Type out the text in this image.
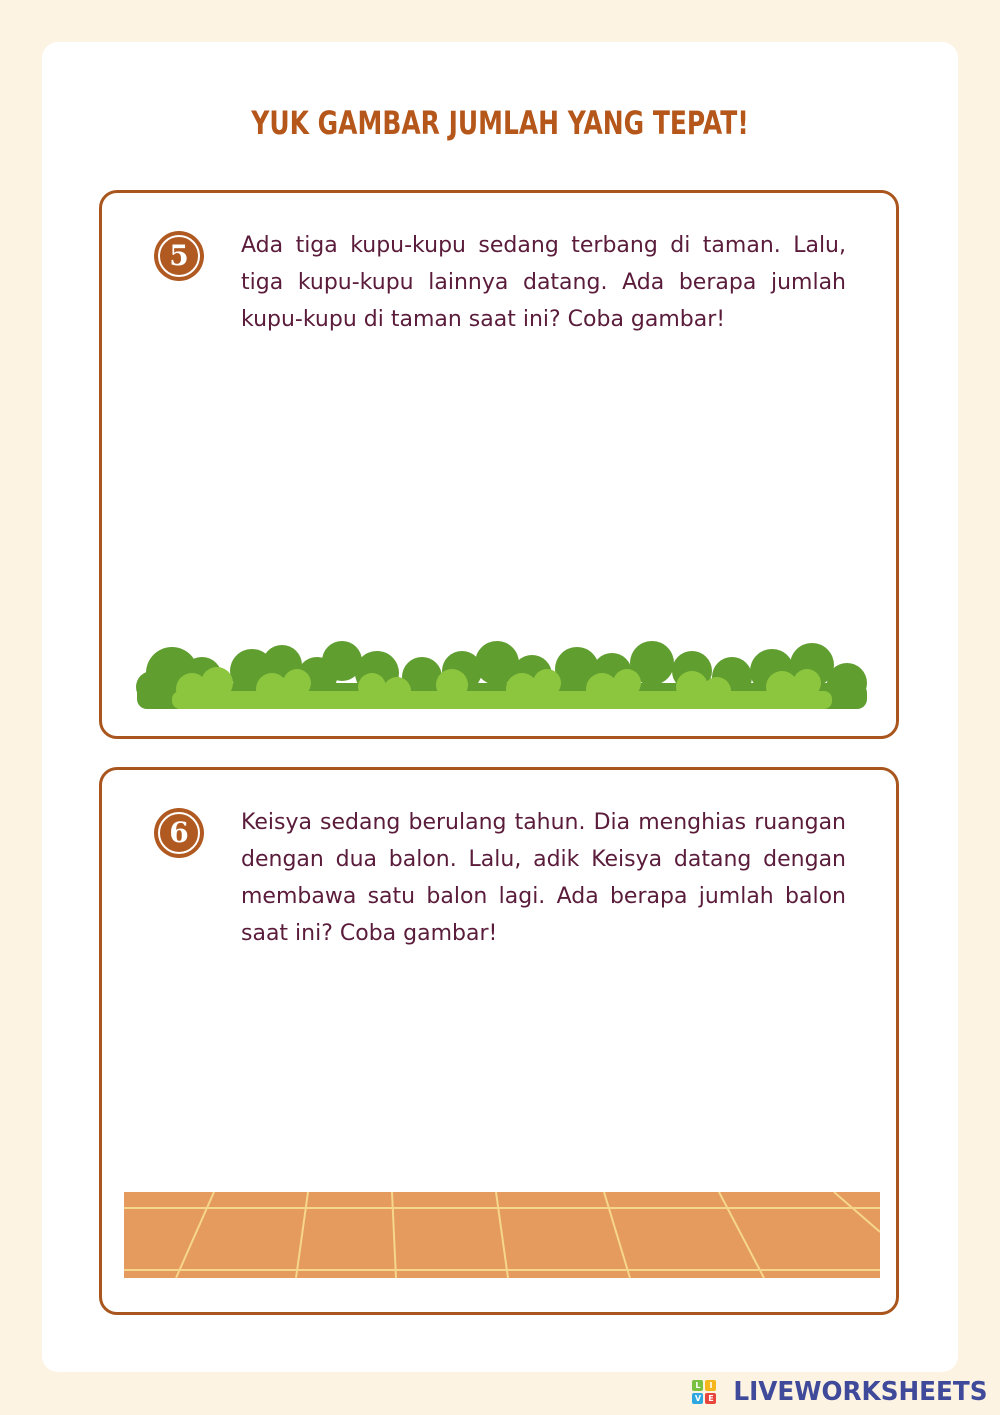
YUK GAMBAR JUMLAH YANG TEPAT!
5	Ada tiga kupu-kupu sedang terbang di taman. Lalu, tiga kupu-kupu lainnya datang. Ada berapa jumlah kupu-kupu di taman saat ini? Coba gambar!

6	Keisya sedang berulang tahun. Dia menghias ruangan dengan dua balon. Lalu, adik Keisya datang dengan membawa satu balon lagi. Ada berapa jumlah balon saat ini? Coba gambar!

L	I
V E LIVEWORKSHEETS
